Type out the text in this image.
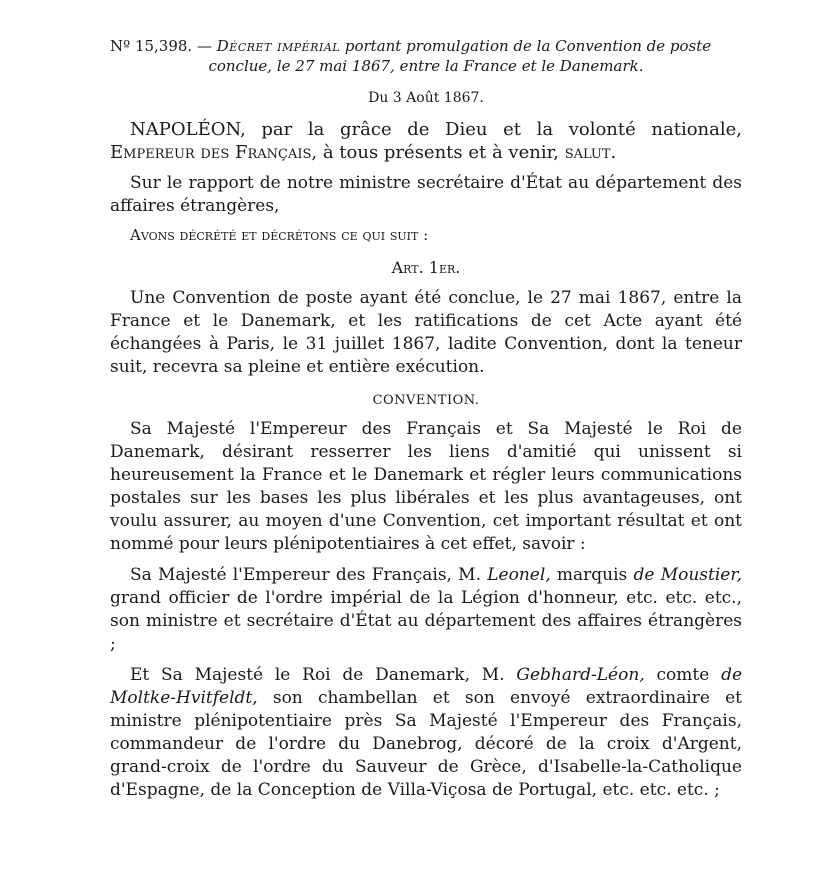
Nº 15,398. — Décret impérial portant promulgation de la Convention de poste

conclue, le 27 mai 1867, entre la France et le Danemark.

Du 3 Août 1867.

NAPOLÉON, par la grâce de Dieu et la volonté nationale, Empereur des Français, à tous présents et à venir, salut.

Sur le rapport de notre ministre secrétaire d'État au département des affaires étrangères,

Avons décrété et décrétons ce qui suit :
Art. 1er.

Une Convention de poste ayant été conclue, le 27 mai 1867, entre la France et le Danemark, et les ratifications de cet Acte ayant été échangées à Paris, le 31 juillet 1867, ladite Convention, dont la teneur suit, recevra sa pleine et entière exécution.

CONVENTION.

Sa Majesté l'Empereur des Français et Sa Majesté le Roi de Danemark, désirant resserrer les liens d'amitié qui unissent si heureusement la France et le Danemark et régler leurs communications postales sur les bases les plus libérales et les plus avantageuses, ont voulu assurer, au moyen d'une Convention, cet important résultat et ont nommé pour leurs plénipotentiaires à cet effet, savoir :

Sa Majesté l'Empereur des Français, M. Leonel, marquis de Moustier, grand officier de l'ordre impérial de la Légion d'honneur, etc. etc. etc., son ministre et secrétaire d'État au département des affaires étrangères ;

Et Sa Majesté le Roi de Danemark, M. Gebhard-Léon, comte de Moltke-Hvitfeldt, son chambellan et son envoyé extraordinaire et ministre plénipotentiaire près Sa Majesté l'Empereur des Français, commandeur de l'ordre du Danebrog, décoré de la croix d'Argent, grand-croix de l'ordre du Sauveur de Grèce, d'Isabelle-la-Catholique d'Espagne, de la Conception de Villa-Viçosa de Portugal, etc. etc. etc. ;
